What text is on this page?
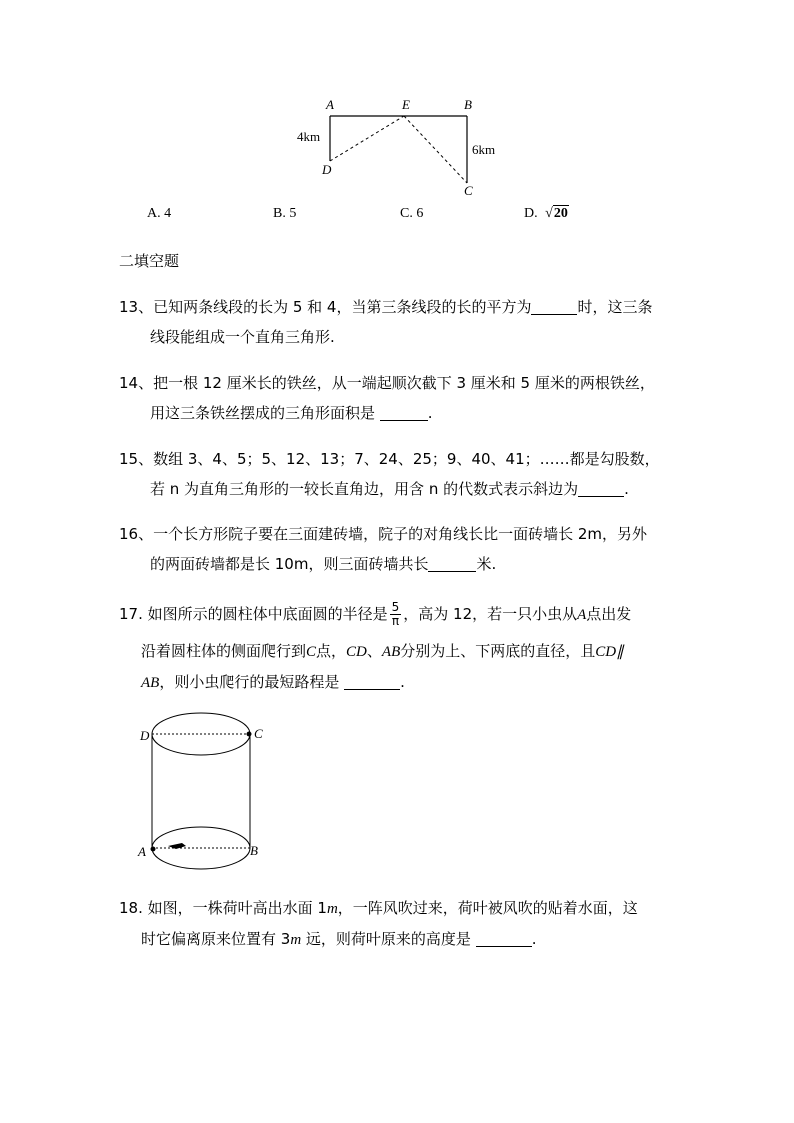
A	E	B
D
C
4km
6km
A. 4	B. 5	C. 6	D. √20
二填空题
13、已知两条线段的长为 5 和 4，当第三条线段的长的平方为	时，这三条
线段能组成一个直角三角形.
14、把一根 12 厘米长的铁丝，从一端起顺次截下 3 厘米和 5 厘米的两根铁丝，
用这三条铁丝摆成的三角形面积是	.
15、数组 3、4、5；5、12、13；7、24、25；9、40、41；……都是勾股数，
若 n 为直角三角形的一较长直角边，用含 n 的代数式表示斜边为	.
16、一个长方形院子要在三面建砖墙，院子的对角线长比一面砖墙长 2m，另外
的两面砖墙都是长 10m，则三面砖墙共长	米.
17. 如图所示的圆柱体中底面圆的半径是 $\frac{5}{\pi}$ ，高为 12，若一只小虫从A点出发
沿着圆柱体的侧面爬行到C点，CD、AB分别为上、下两底的直径，且CD∥
AB，则小虫爬行的最短路程是	.
D	C
A	B
18. 如图，一株荷叶高出水面 1m，一阵风吹过来，荷叶被风吹的贴着水面，这
时它偏离原来位置有 3m 远，则荷叶原来的高度是	.
